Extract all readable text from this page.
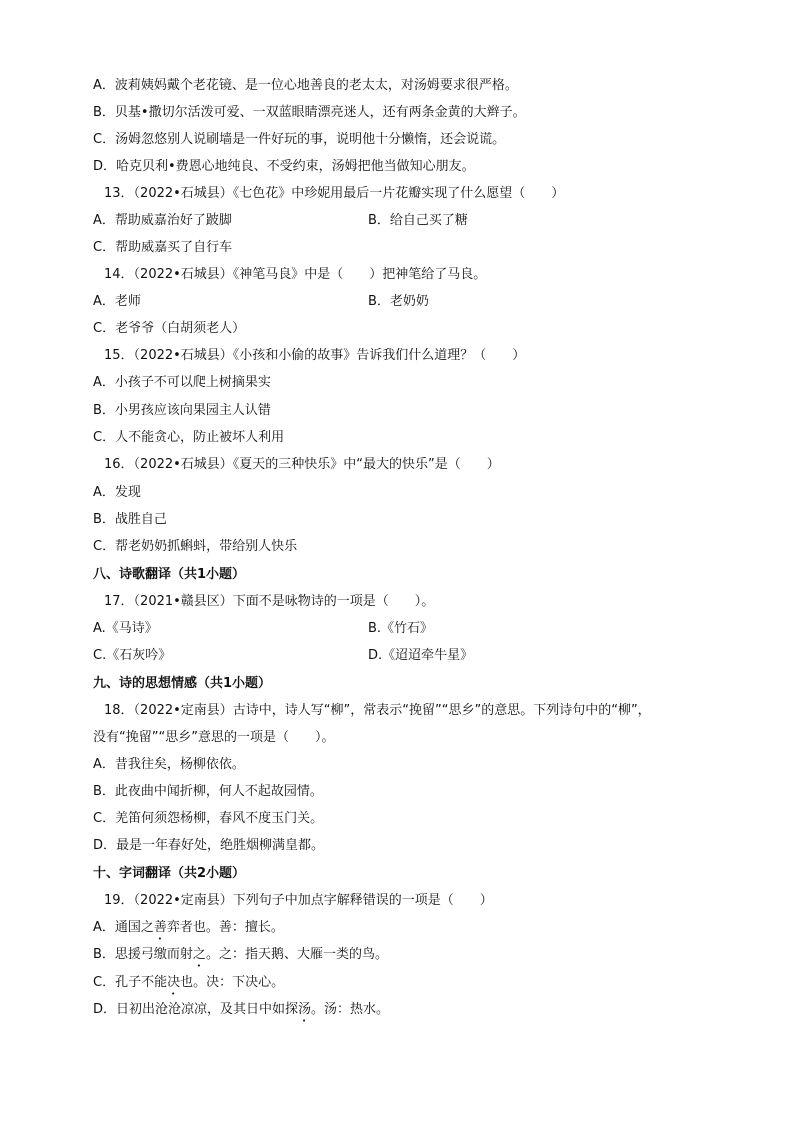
A．波莉姨妈戴个老花镜、是一位心地善良的老太太，对汤姆要求很严格。
B．贝基•撒切尔活泼可爱、一双蓝眼睛漂亮迷人，还有两条金黄的大辫子。
C．汤姆忽悠别人说刷墙是一件好玩的事，说明他十分懒惰，还会说谎。
D．哈克贝利•费恩心地纯良、不受约束，汤姆把他当做知心朋友。
13．（2022•石城县）《七色花》中珍妮用最后一片花瓣实现了什么愿望（　　）
A．帮助威嘉治好了跛脚	B．给自己买了糖
C．帮助威嘉买了自行车
14．（2022•石城县）《神笔马良》中是（　　）把神笔给了马良。
A．老师	B．老奶奶
C．老爷爷（白胡须老人）
15．（2022•石城县）《小孩和小偷的故事》告诉我们什么道理？（　　）
A．小孩子不可以爬上树摘果实
B．小男孩应该向果园主人认错
C．人不能贪心，防止被坏人利用
16．（2022•石城县）《夏天的三种快乐》中“最大的快乐”是（　　）
A．发现
B．战胜自己
C．帮老奶奶抓蝌蚪，带给别人快乐
八、诗歌翻译（共1小题）
17．（2021•赣县区）下面不是咏物诗的一项是（　　）。
A.《马诗》	B.《竹石》
C.《石灰吟》	D.《迢迢牵牛星》
九、诗的思想情感（共1小题）
18．（2022•定南县）古诗中，诗人写“柳”，常表示“挽留”“思乡”的意思。下列诗句中的“柳”，
没有“挽留”“思乡”意思的一项是（　　）。
A．昔我往矣，杨柳依依。
B．此夜曲中闻折柳，何人不起故园情。
C．羌笛何须怨杨柳，春风不度玉门关。
D．最是一年春好处，绝胜烟柳满皇都。
十、字词翻译（共2小题）
19．（2022•定南县）下列句子中加点字解释错误的一项是（　　）
A．通国之善弈者也。善：擅长。
B．思援弓缴而射之。之：指天鹅、大雁一类的鸟。
C．孔子不能决也。决：下决心。
D．日初出沧沧凉凉，及其日中如探汤。汤：热水。
